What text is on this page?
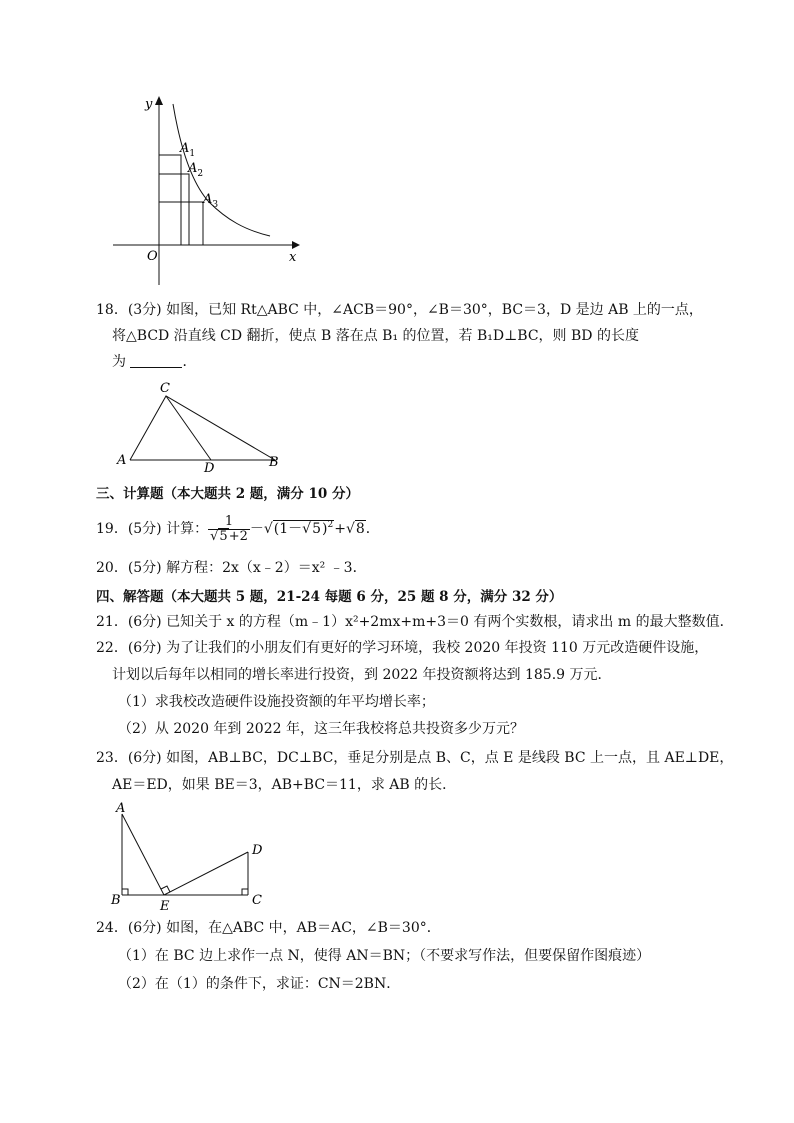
y
x
O
$A_1$
$A_2$
$A_3$
18．(3分) 如图，已知 Rt△ABC 中，∠ACB＝90°，∠B＝30°，BC＝3，D 是边 AB 上的一点，
将△BCD 沿直线 CD 翻折，使点 B 落在点 B₁ 的位置，若 B₁D⊥BC，则 BD 的长度
为	．
C
A
D	B
三、计算题（本大题共 2 题，满分 10 分）
19．(5分) 计算： $\frac{1}{√5+2} -√(1-√5)^2+√8$．
20．(5分) 解方程：2x（x﹣2）＝x² ﹣3．
四、解答题（本大题共 5 题，21-24 每题 6 分，25 题 8 分，满分 32 分）
21．(6分) 已知关于 x 的方程（m﹣1）x²+2mx+m+3＝0 有两个实数根，请求出 m 的最大整数值．
22．(6分) 为了让我们的小朋友们有更好的学习环境，我校 2020 年投资 110 万元改造硬件设施，
计划以后每年以相同的增长率进行投资，到 2022 年投资额将达到 185.9 万元．
（1）求我校改造硬件设施投资额的年平均增长率；
（2）从 2020 年到 2022 年，这三年我校将总共投资多少万元？
23．(6分) 如图，AB⊥BC，DC⊥BC，垂足分别是点 B、C，点 E 是线段 BC 上一点，且 AE⊥DE，
AE＝ED，如果 BE＝3，AB+BC＝11，求 AB 的长．
A
D
B	E	C
24．(6分) 如图，在△ABC 中，AB＝AC，∠B＝30°．
（1）在 BC 边上求作一点 N，使得 AN＝BN；（不要求写作法，但要保留作图痕迹）
（2）在（1）的条件下，求证：CN＝2BN．
